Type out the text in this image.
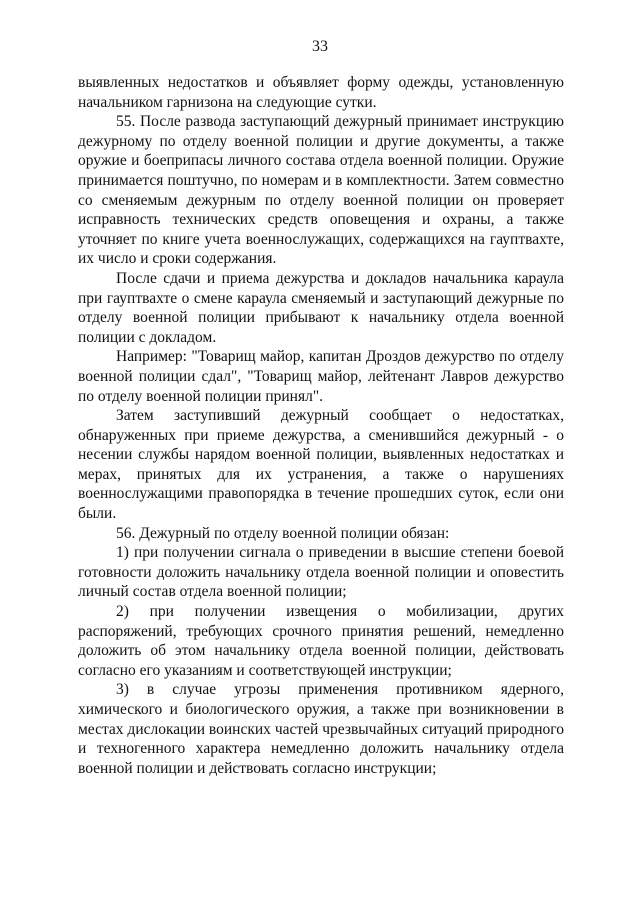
33

выявленных недостатков и объявляет форму одежды, установленную начальником гарнизона на следующие сутки.

55. После развода заступающий дежурный принимает инструкцию дежурному по отделу военной полиции и другие документы, а также оружие и боеприпасы личного состава отдела военной полиции. Оружие принимается поштучно, по номерам и в комплектности. Затем совместно со сменяемым дежурным по отделу военной полиции он проверяет исправность технических средств оповещения и охраны, а также уточняет по книге учета военнослужащих, содержащихся на гауптвахте, их число и сроки содержания.

После сдачи и приема дежурства и докладов начальника караула при гауптвахте о смене караула сменяемый и заступающий дежурные по отделу военной полиции прибывают к начальнику отдела военной полиции с докладом.

Например: "Товарищ майор, капитан Дроздов дежурство по отделу военной полиции сдал", "Товарищ майор, лейтенант Лавров дежурство по отделу военной полиции принял".

Затем заступивший дежурный сообщает о недостатках, обнаруженных при приеме дежурства, а сменившийся дежурный - о несении службы нарядом военной полиции, выявленных недостатках и мерах, принятых для их устранения, а также о нарушениях военнослужащими правопорядка в течение прошедших суток, если они были.

56. Дежурный по отделу военной полиции обязан:

1) при получении сигнала о приведении в высшие степени боевой готовности доложить начальнику отдела военной полиции и оповестить личный состав отдела военной полиции;

2) при получении извещения о мобилизации, других распоряжений, требующих срочного принятия решений, немедленно доложить об этом начальнику отдела военной полиции, действовать согласно его указаниям и соответствующей инструкции;

3) в случае угрозы применения противником ядерного, химического и биологического оружия, а также при возникновении в местах дислокации воинских частей чрезвычайных ситуаций природного и техногенного характера немедленно доложить начальнику отдела военной полиции и действовать согласно инструкции;
